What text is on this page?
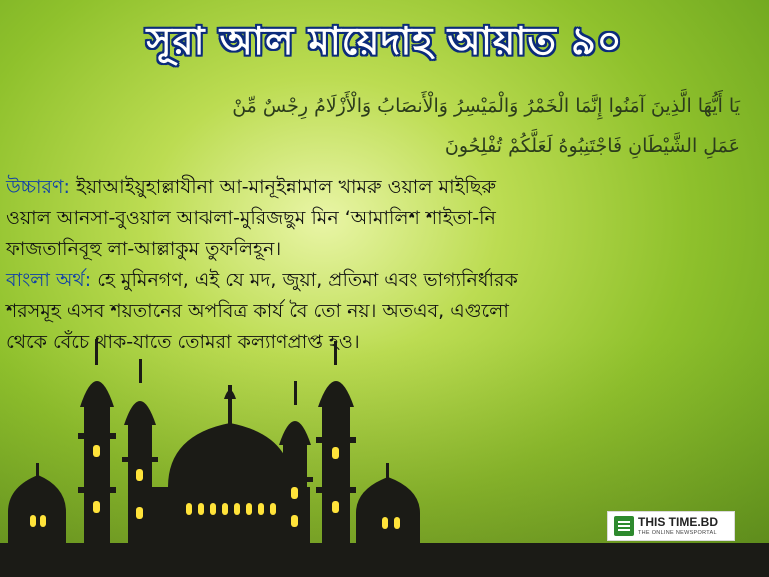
সূরা আল মায়েদাহ আয়াত ৯০

يَا أَيُّهَا الَّذِينَ آمَنُوا إِنَّمَا الْخَمْرُ وَالْمَيْسِرُ وَالْأَنصَابُ وَالْأَزْلَامُ رِجْسٌ مِّنْ

عَمَلِ الشَّيْطَانِ فَاجْتَنِبُوهُ لَعَلَّكُمْ تُفْلِحُونَ

উচ্চারণ: ইয়াআইয়ুহাল্লাযীনা আ-মানূইন্নামাল খামরু ওয়াল মাইছিরু

ওয়াল আনসা-বুওয়াল আঝলা-মুরিজছুম মিন ‘আমালিশ শাইতা-নি

ফাজতানিবূহু লা-আল্লাকুম তুফলিহূন।

বাংলা অর্থ: হে মুমিনগণ, এই যে মদ, জুয়া, প্রতিমা এবং ভাগ্যনির্ধারক

শরসমূহ এসব শয়তানের অপবিত্র কার্য বৈ তো নয়। অতএব, এগুলো

THIS TIME.BD
THE ONLINE NEWSPORTAL
